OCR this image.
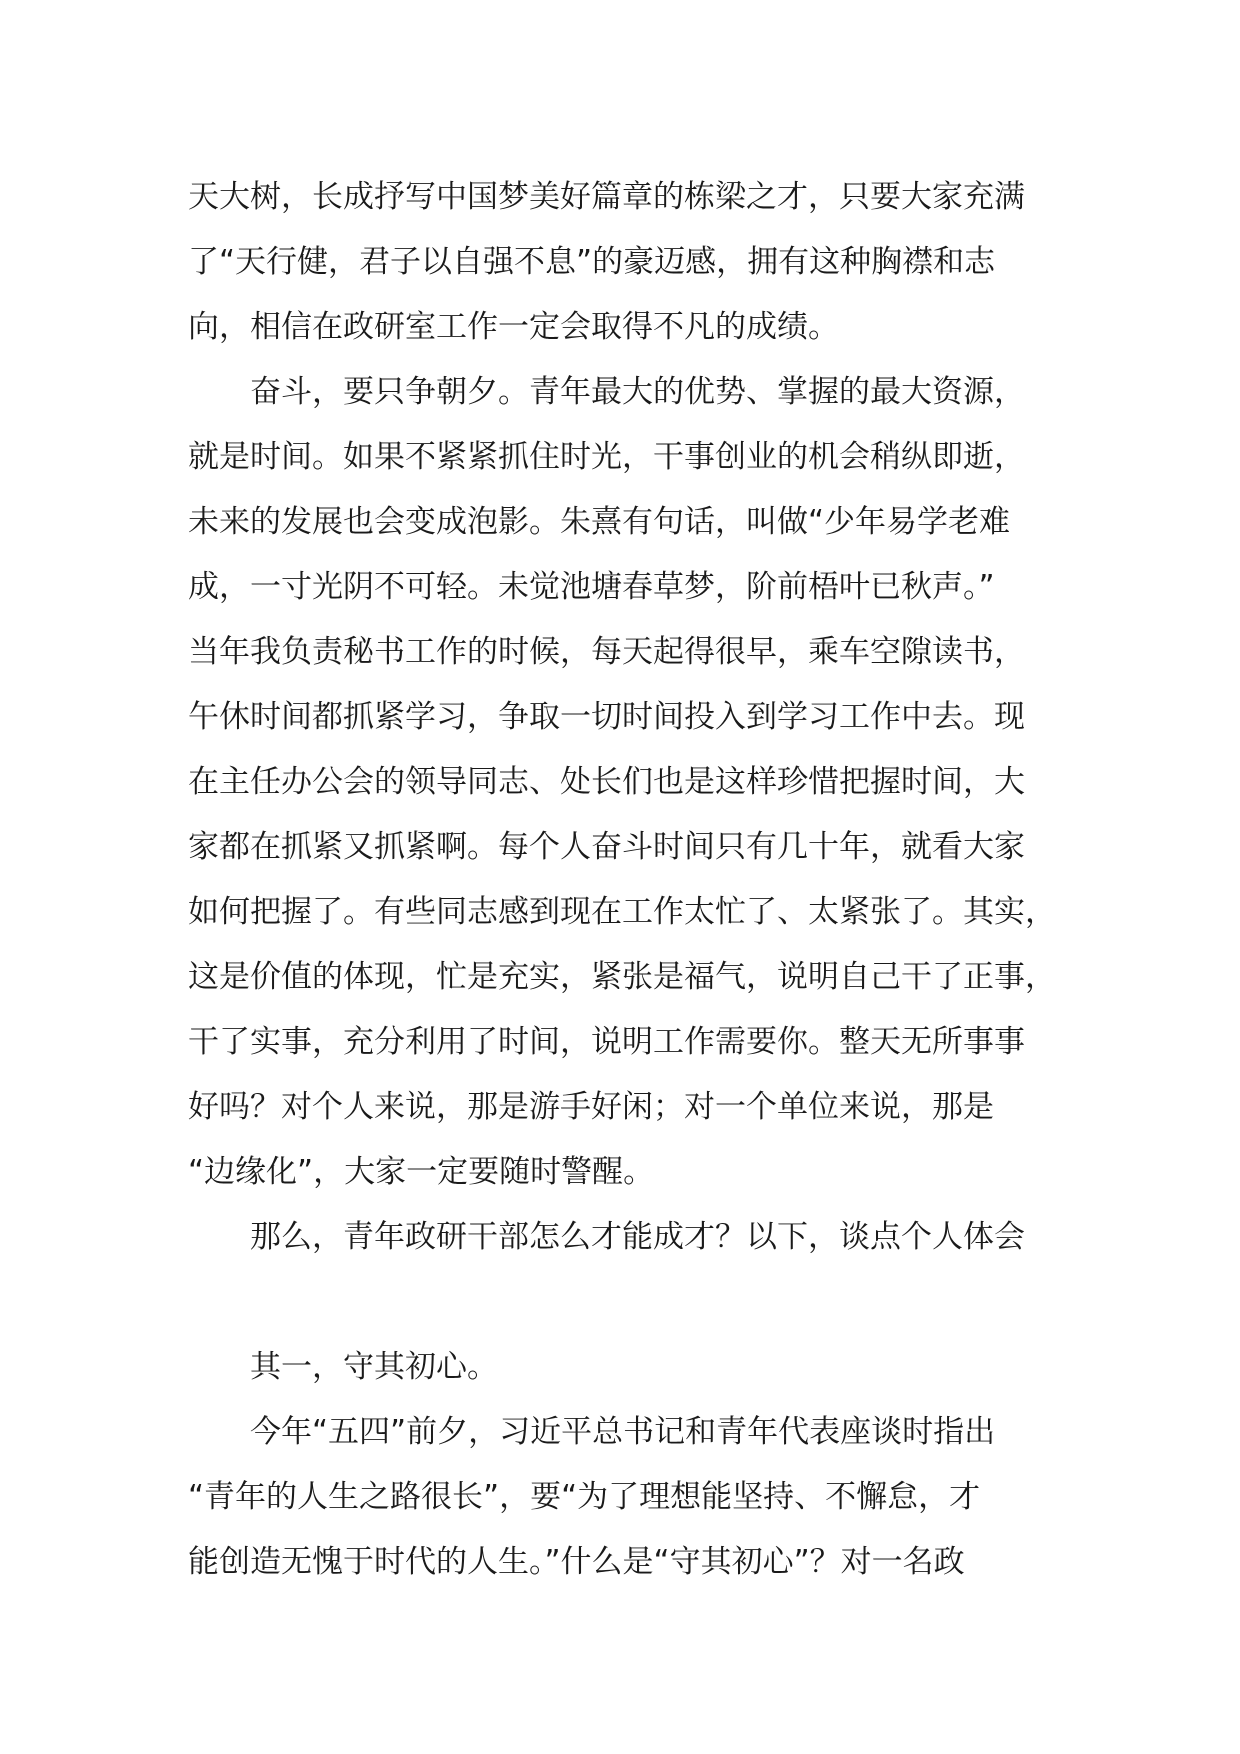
天大树，长成抒写中国梦美好篇章的栋梁之才，只要大家充满
了“天行健，君子以自强不息”的豪迈感，拥有这种胸襟和志
向，相信在政研室工作一定会取得不凡的成绩。
奋斗，要只争朝夕。青年最大的优势、掌握的最大资源，
就是时间。如果不紧紧抓住时光，干事创业的机会稍纵即逝，
未来的发展也会变成泡影。朱熹有句话，叫做“少年易学老难
成，一寸光阴不可轻。未觉池塘春草梦，阶前梧叶已秋声。”
当年我负责秘书工作的时候，每天起得很早，乘车空隙读书，
午休时间都抓紧学习，争取一切时间投入到学习工作中去。现
在主任办公会的领导同志、处长们也是这样珍惜把握时间，大
家都在抓紧又抓紧啊。每个人奋斗时间只有几十年，就看大家
如何把握了。有些同志感到现在工作太忙了、太紧张了。其实，
这是价值的体现，忙是充实，紧张是福气，说明自己干了正事，
干了实事，充分利用了时间，说明工作需要你。整天无所事事
好吗？对个人来说，那是游手好闲；对一个单位来说，那是
“边缘化”，大家一定要随时警醒。
那么，青年政研干部怎么才能成才？以下，谈点个人体会
其一，守其初心。
今年“五四”前夕，习近平总书记和青年代表座谈时指出
“青年的人生之路很长”，要“为了理想能坚持、不懈怠，才
能创造无愧于时代的人生。”什么是“守其初心”？对一名政
